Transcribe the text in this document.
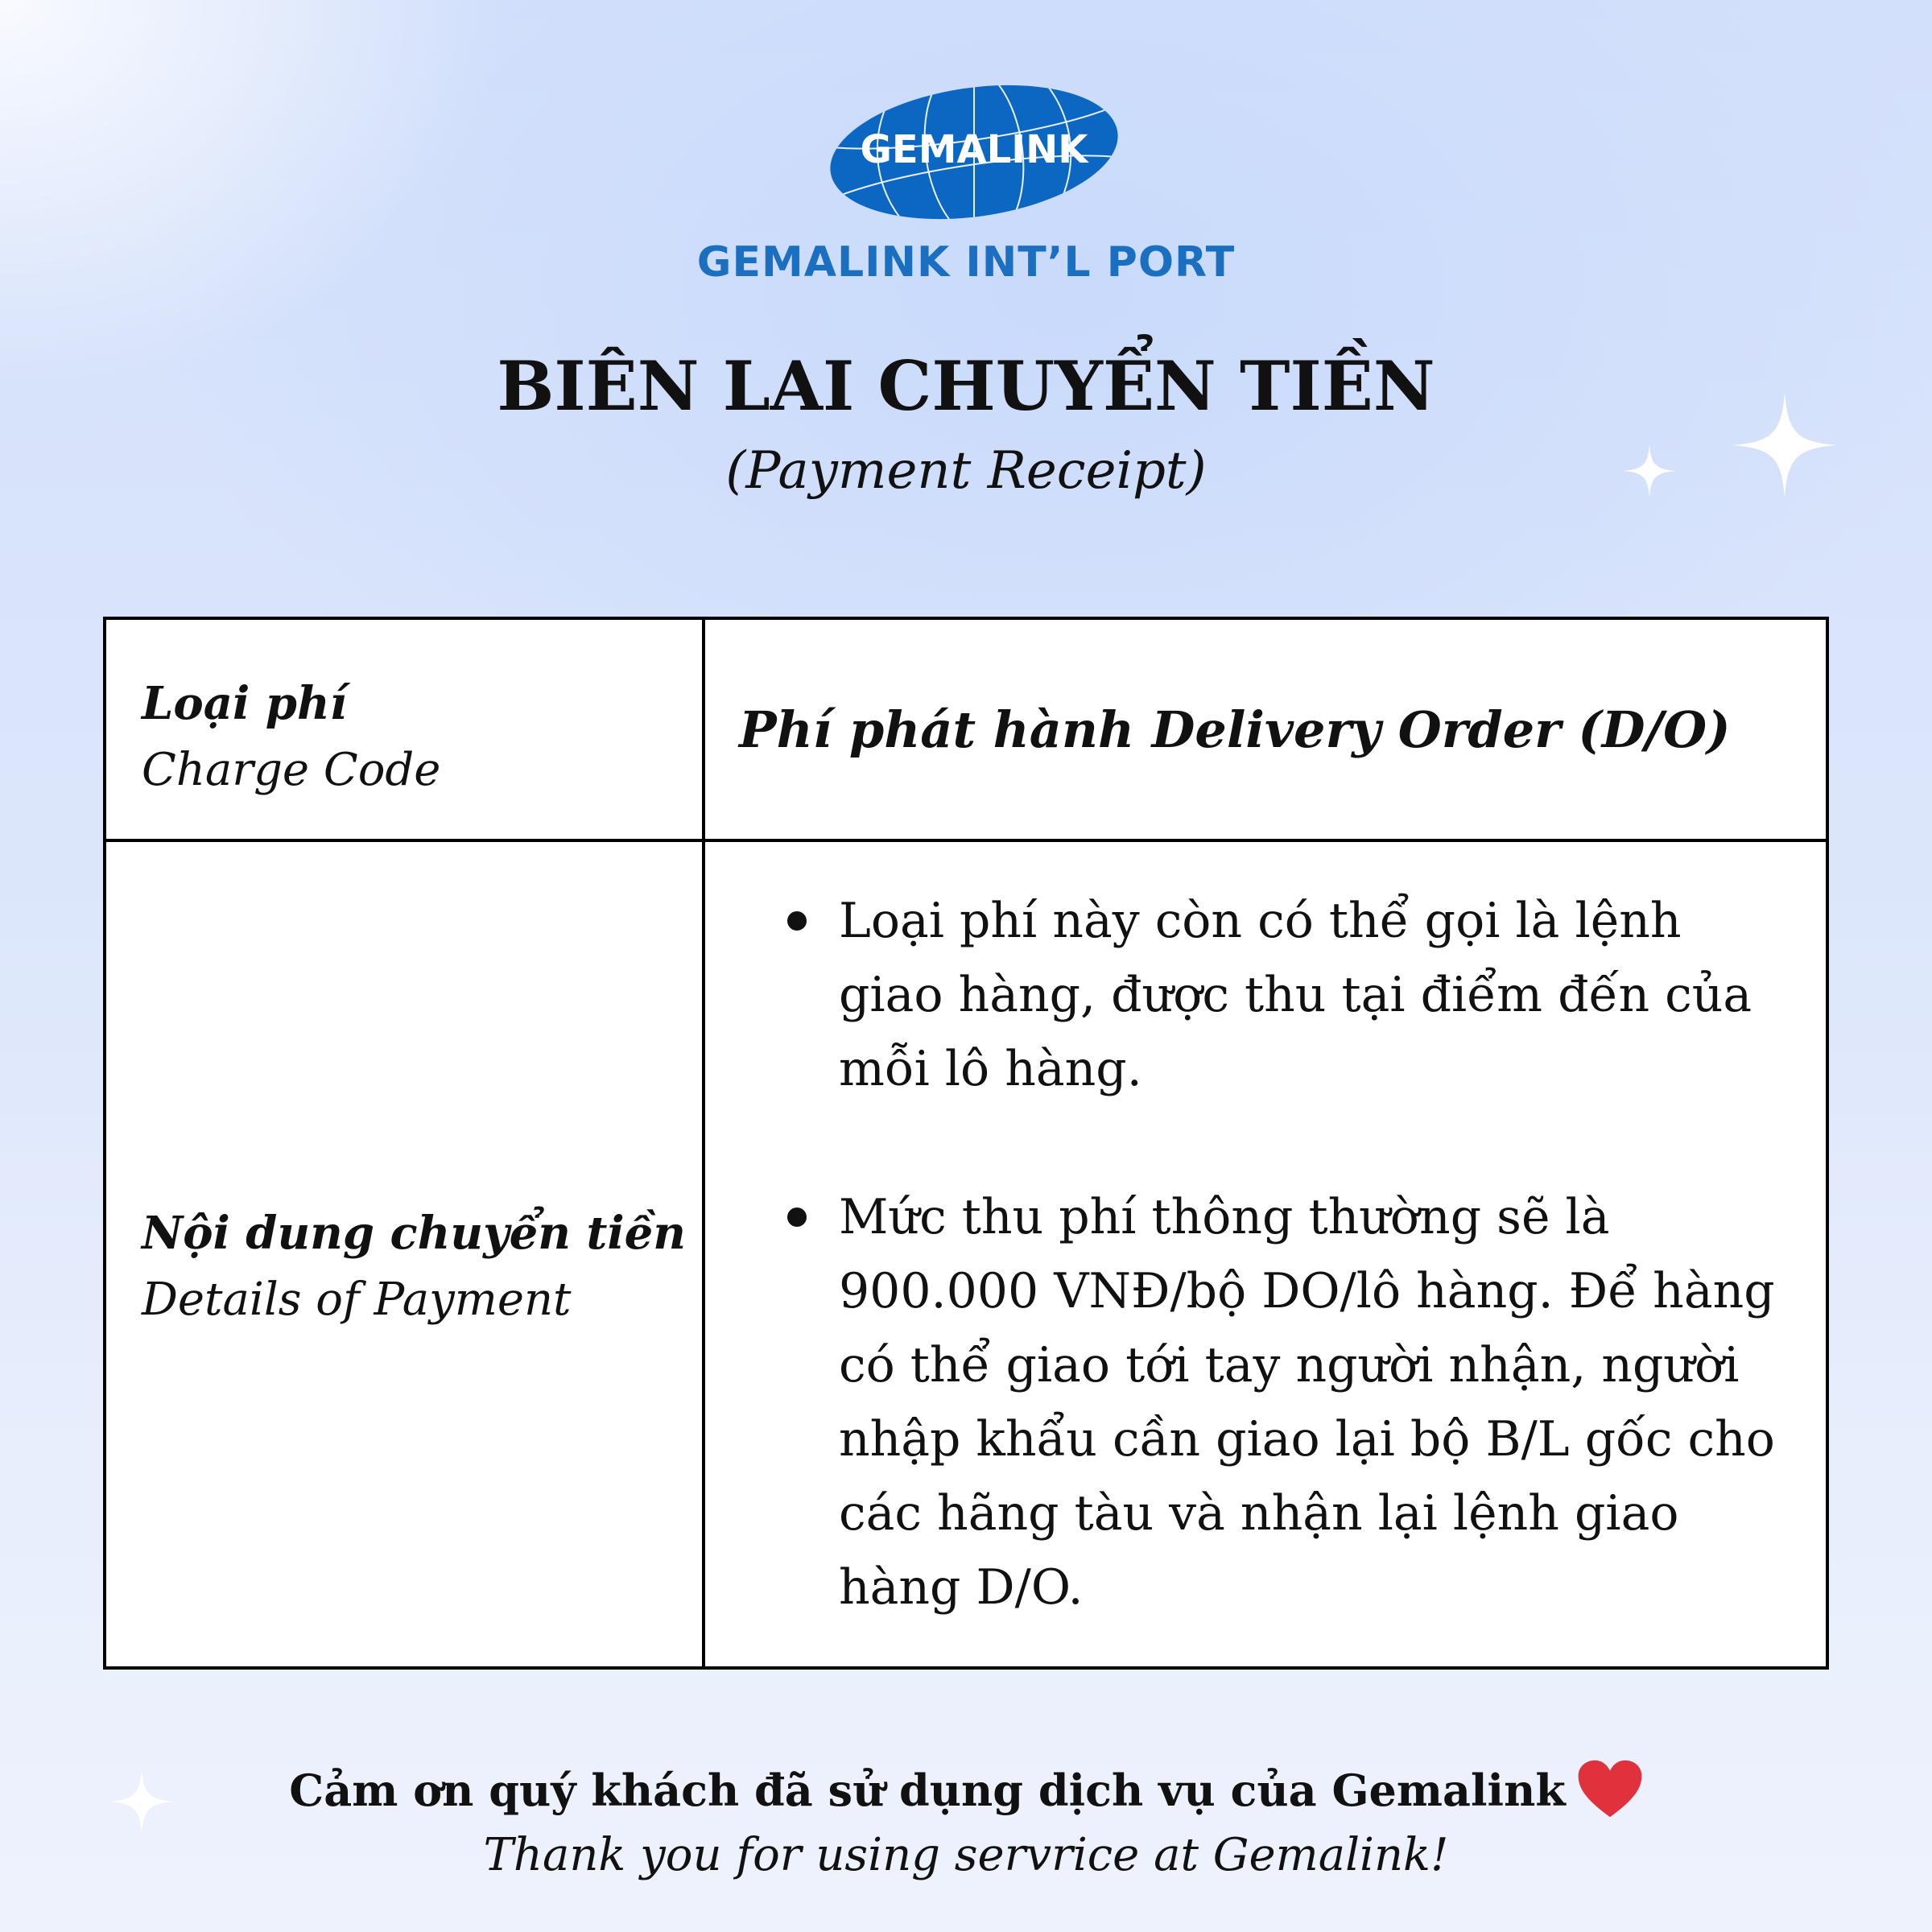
GEMALINK
GEMALINK INT’L PORT
BIÊN LAI CHUYỂN TIỀN
(Payment Receipt)
Loại phí
Charge Code
Phí phát hành Delivery Order (D/O)
Nội dung chuyển tiền
Details of Payment
Loại phí này còn có thể gọi là lệnh giao hàng, được thu tại điểm đến của mỗi lô hàng.
Mức thu phí thông thường sẽ là 900.000 VNĐ/bộ DO/lô hàng. Để hàng có thể giao tới tay người nhận, người nhập khẩu cần giao lại bộ B/L gốc cho các hãng tàu và nhận lại lệnh giao hàng D/O.
Cảm ơn quý khách đã sử dụng dịch vụ của Gemalink
Thank you for using servrice at Gemalink!
